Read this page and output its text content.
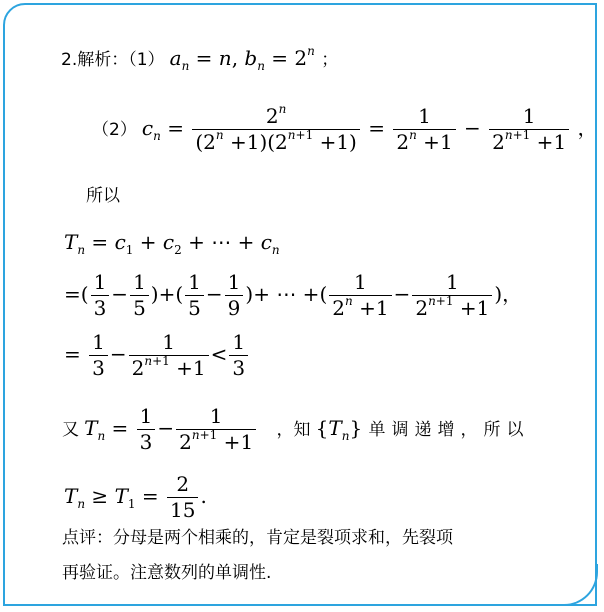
2.解析：（1） $a_n = n$, $b_n = 2^n$ ；
（2） $c_n = \frac{2^n}{(2^n +1)(2^{n+1} +1)} = \frac{1}{2^n +1} - \frac{1}{2^{n+1} +1}$ ，
所以
$T_n = c_1 + c_2$ + ⋯ + $c_n$
=( $\frac{1}{3} - \frac{1}{5}$ )+( $\frac{1}{5} - \frac{1}{9}$ )+ ⋯ +( $\frac{1}{2^n +1} - \frac{1}{2^{n+1} +1}$ )，
= $\frac{1}{3} - \frac{1}{2^{n+1} +1} < \frac{1}{3}$
又 $T_n = \frac{1}{3} - \frac{1}{2^{n+1} +1}$ ，知 $\{T_n\}$ 单调递增，所以
$T_n \ge T_1 = \frac{2}{15}$ .
点评：分母是两个相乘的，肯定是裂项求和，先裂项
再验证。注意数列的单调性.
